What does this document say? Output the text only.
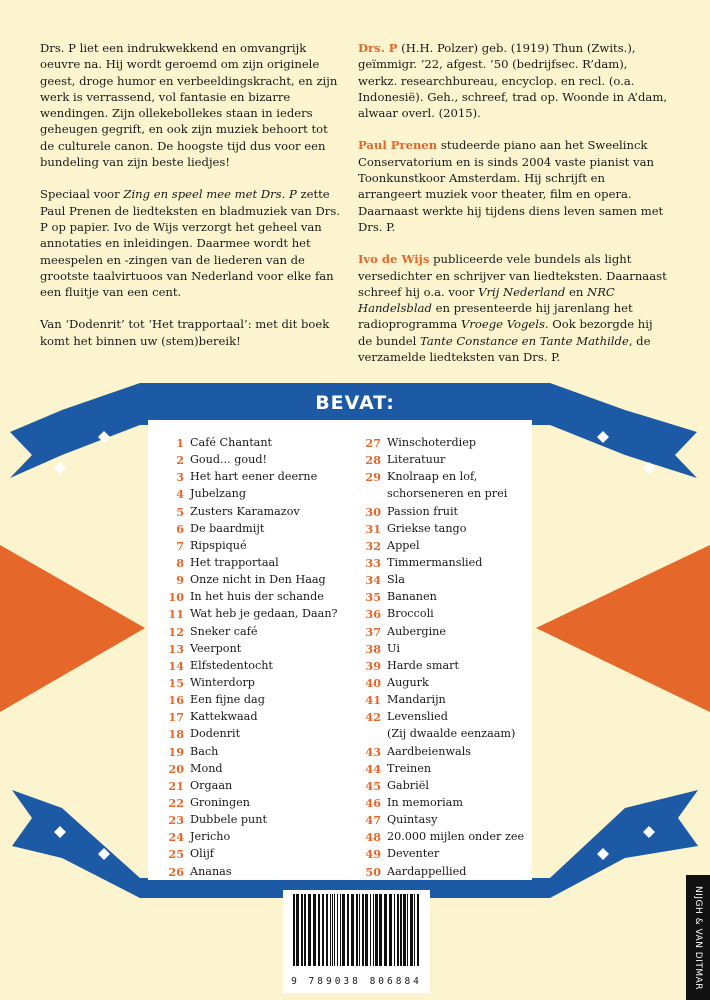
Drs. P liet een indrukwekkend en omvangrijk oeuvre na. Hij wordt geroemd om zijn originele geest, droge humor en verbeeldingskracht, en zijn werk is verrassend, vol fantasie en bizarre wendingen. Zijn ollekebollekes staan in ieders geheugen gegrift, en ook zijn muziek behoort tot de culturele canon. De hoogste tijd dus voor een bundeling van zijn beste liedjes!

Speciaal voor Zing en speel mee met Drs. P zette Paul Prenen de liedteksten en bladmuziek van Drs. P op papier. Ivo de Wijs verzorgt het geheel van annotaties en inleidingen. Daarmee wordt het meespelen en -zingen van de liederen van de grootste taalvirtuoos van Nederland voor elke fan een fluitje van een cent.

Van ‘Dodenrit’ tot ‘Het trapportaal’: met dit boek komt het binnen uw (stem)bereik!

Drs. P (H.H. Polzer) geb. (1919) Thun (Zwits.), geïmmigr. ’22, afgest. ’50 (bedrijfsec. R’dam), werkz. researchbureau, encyclop. en recl. (o.a. Indonesië). Geh., schreef, trad op. Woonde in A’dam, alwaar overl. (2015).

Paul Prenen studeerde piano aan het Sweelinck Conservatorium en is sinds 2004 vaste pianist van Toonkunstkoor Amsterdam. Hij schrijft en arrangeert muziek voor theater, film en opera. Daarnaast werkte hij tijdens diens leven samen met Drs. P.

Ivo de Wijs publiceerde vele bundels als light versedichter en schrijver van liedteksten. Daarnaast schreef hij o.a. voor Vrij Nederland en NRC Handelsblad en presenteerde hij jarenlang het radioprogramma Vroege Vogels. Ook bezorgde hij de bundel Tante Constance en Tante Mathilde, de verzamelde liedteksten van Drs. P.

BEVAT:
1 Café Chantant
2 Goud... goud!
3 Het hart eener deerne
4 Jubelzang
5 Zusters Karamazov
6 De baardmijt
7 Ripspiqué
8 Het trapportaal
9 Onze nicht in Den Haag
10 In het huis der schande
11 Wat heb je gedaan, Daan?
12 Sneker café
13 Veerpont
14 Elfstedentocht
15 Winterdorp
16 Een fijne dag
17 Kattekwaad
18 Dodenrit
19 Bach
20 Mond
21 Orgaan
22 Groningen
23 Dubbele punt
24 Jericho
25 Olijf
26 Ananas
27 Winschoterdiep
28 Literatuur
29 Knolraap en lof,
schorseneren en prei
30 Passion fruit
31 Griekse tango
32 Appel
33 Timmermanslied
34 Sla
35 Bananen
36 Broccoli
37 Aubergine
38 Ui
39 Harde smart
40 Augurk
41 Mandarijn
42 Levenslied
(Zij dwaalde eenzaam)
43 Aardbeienwals
44 Treinen
45 Gabriël
46 In memoriam
47 Quintasy
48 20.000 mijlen onder zee
49 Deventer
50 Aardappellied
9 789038 806884	NIJGH & VAN DITMAR
